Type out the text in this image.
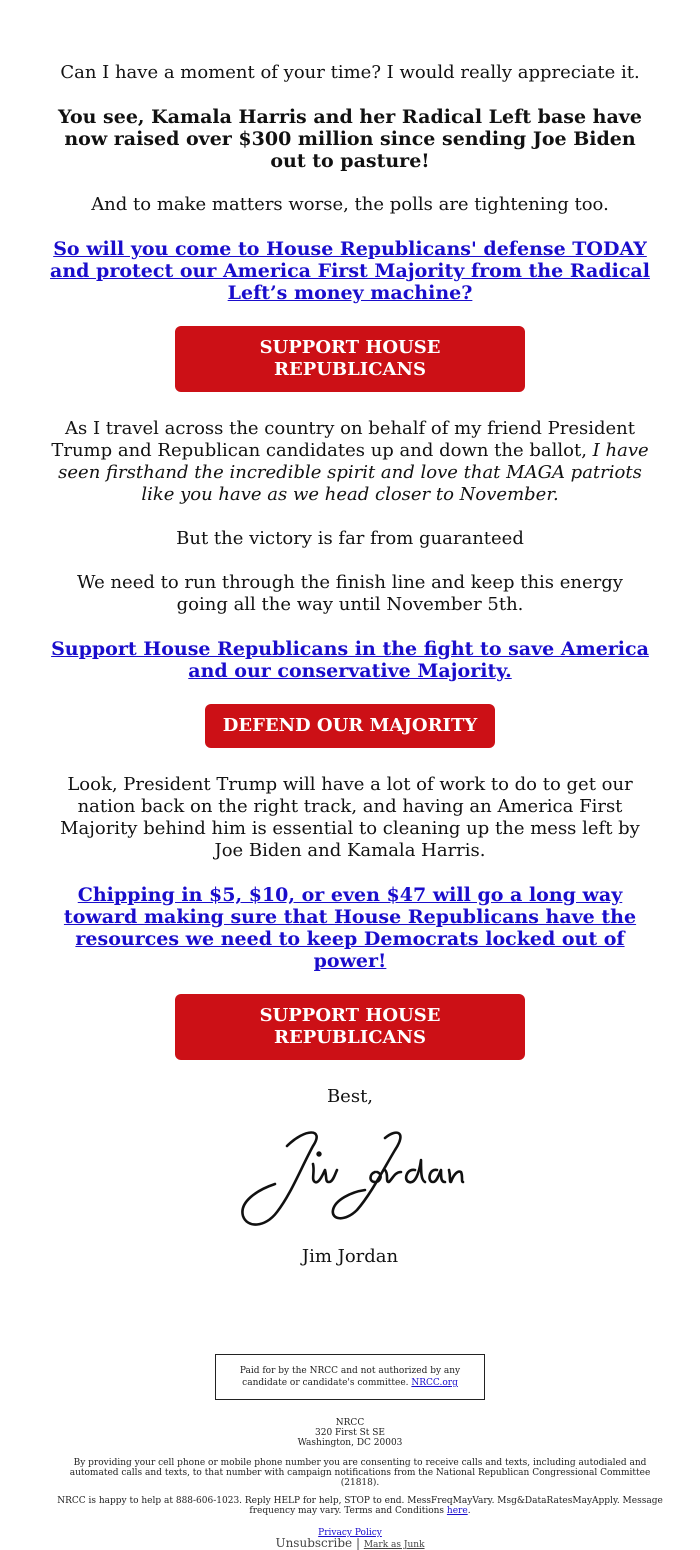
Can I have a moment of your time? I would really appreciate it.

You see, Kamala Harris and her Radical Left base have now raised over $300 million since sending Joe Biden out to pasture!

And to make matters worse, the polls are tightening too.

So will you come to House Republicans' defense TODAY and protect our America First Majority from the Radical Left’s money machine?

SUPPORT HOUSE REPUBLICANS

As I travel across the country on behalf of my friend President Trump and Republican candidates up and down the ballot, I have seen firsthand the incredible spirit and love that MAGA patriots like you have as we head closer to November.

But the victory is far from guaranteed

We need to run through the finish line and keep this energy going all the way until November 5th.

Support House Republicans in the fight to save America and our conservative Majority.

DEFEND OUR MAJORITY

Look, President Trump will have a lot of work to do to get our nation back on the right track, and having an America First Majority behind him is essential to cleaning up the mess left by Joe Biden and Kamala Harris.

Chipping in $5, $10, or even $47 will go a long way toward making sure that House Republicans have the resources we need to keep Democrats locked out of power!

SUPPORT HOUSE REPUBLICANS

Best,

Jim Jordan

Paid for by the NRCC and not authorized by any candidate or candidate's committee. NRCC.org
NRCC
320 First St SE
Washington, DC 20003

By providing your cell phone or mobile phone number you are consenting to receive calls and texts, including autodialed and automated calls and texts, to that number with campaign notifications from the National Republican Congressional Committee (21818).

NRCC is happy to help at 888-606-1023. Reply HELP for help, STOP to end. MessFreqMayVary. Msg&DataRatesMayApply. Message frequency may vary. Terms and Conditions here.

Privacy Policy
Unsubscribe | Mark as Junk
